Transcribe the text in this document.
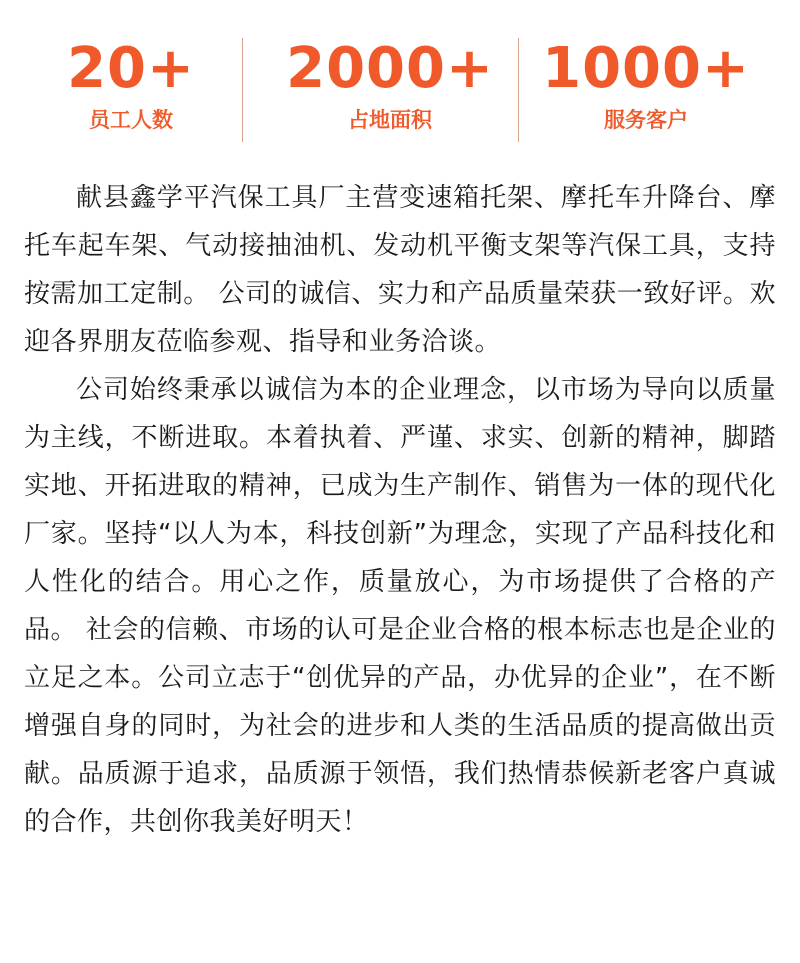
20+
员工人数
2000+
占地面积
1000+
服务客户

献县鑫学平汽保工具厂主营变速箱托架、摩托车升降台、摩托车起车架、气动接抽油机、发动机平衡支架等汽保工具，支持按需加工定制。 公司的诚信、实力和产品质量荣获一致好评。欢迎各界朋友莅临参观、指导和业务洽谈。

公司始终秉承以诚信为本的企业理念，以市场为导向以质量为主线，不断进取。本着执着、严谨、求实、创新的精神，脚踏实地、开拓进取的精神，已成为生产制作、销售为一体的现代化厂家。坚持“以人为本，科技创新”为理念，实现了产品科技化和人性化的结合。用心之作，质量放心，为市场提供了合格的产品。 社会的信赖、市场的认可是企业合格的根本标志也是企业的立足之本。公司立志于“创优异的产品，办优异的企业”，在不断增强自身的同时，为社会的进步和人类的生活品质的提高做出贡献。品质源于追求，品质源于领悟，我们热情恭候新老客户真诚的合作，共创你我美好明天！
